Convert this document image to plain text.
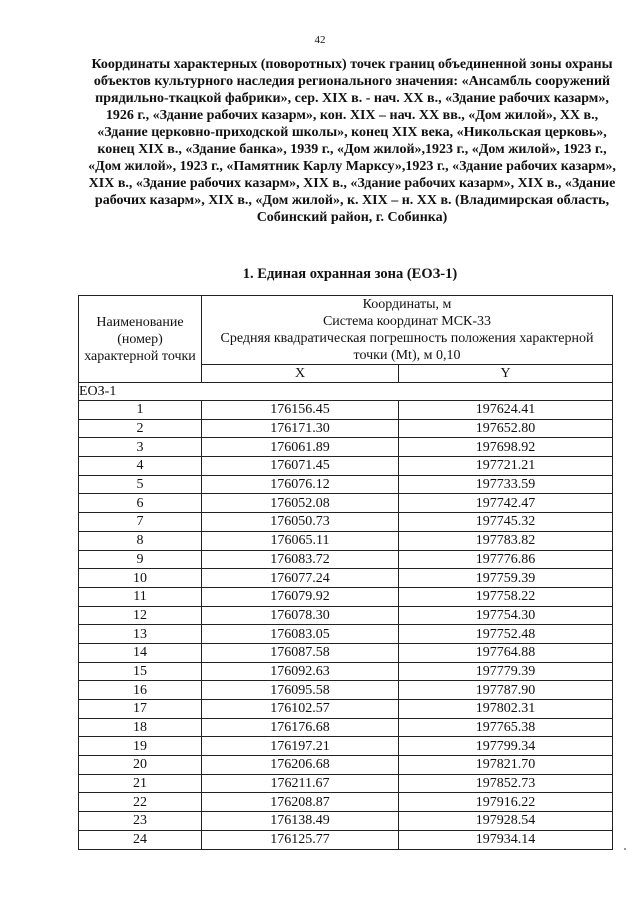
42
Координаты характерных (поворотных) точек границ объединенной зоны охраны объектов культурного наследия регионального значения: «Ансамбль сооружений прядильно-ткацкой фабрики», сер. XIX в. - нач. XX в., «Здание рабочих казарм», 1926 г., «Здание рабочих казарм», кон. XIX – нач. XX вв., «Дом жилой», XX в., «Здание церковно-приходской школы», конец XIX века, «Никольская церковь», конец XIX в., «Здание банка», 1939 г., «Дом жилой»,1923 г., «Дом жилой», 1923 г., «Дом жилой», 1923 г., «Памятник Карлу Марксу»,1923 г., «Здание рабочих казарм», XIX в., «Здание рабочих казарм», XIX в., «Здание рабочих казарм», XIX в., «Здание рабочих казарм», XIX в., «Дом жилой», к. XIX – н. XX в. (Владимирская область, Собинский район, г. Собинка)
1. Единая охранная зона (ЕОЗ-1)
Наименование (номер) характерной точки	Координаты, м
Система координат МСК-33
Средняя квадратическая погрешность положения характерной точки (Mt), м 0,10	

	X	Y
ЕОЗ-1		
1	176156.45	197624.41
2	176171.30	197652.80
3	176061.89	197698.92
4	176071.45	197721.21
5	176076.12	197733.59
6	176052.08	197742.47
7	176050.73	197745.32
8	176065.11	197783.82
9	176083.72	197776.86
10	176077.24	197759.39
11	176079.92	197758.22
12	176078.30	197754.30
13	176083.05	197752.48
14	176087.58	197764.88
15	176092.63	197779.39
16	176095.58	197787.90
17	176102.57	197802.31
18	176176.68	197765.38
19	176197.21	197799.34
20	176206.68	197821.70
21	176211.67	197852.73
22	176208.87	197916.22
23	176138.49	197928.54
24	176125.77	197934.14
